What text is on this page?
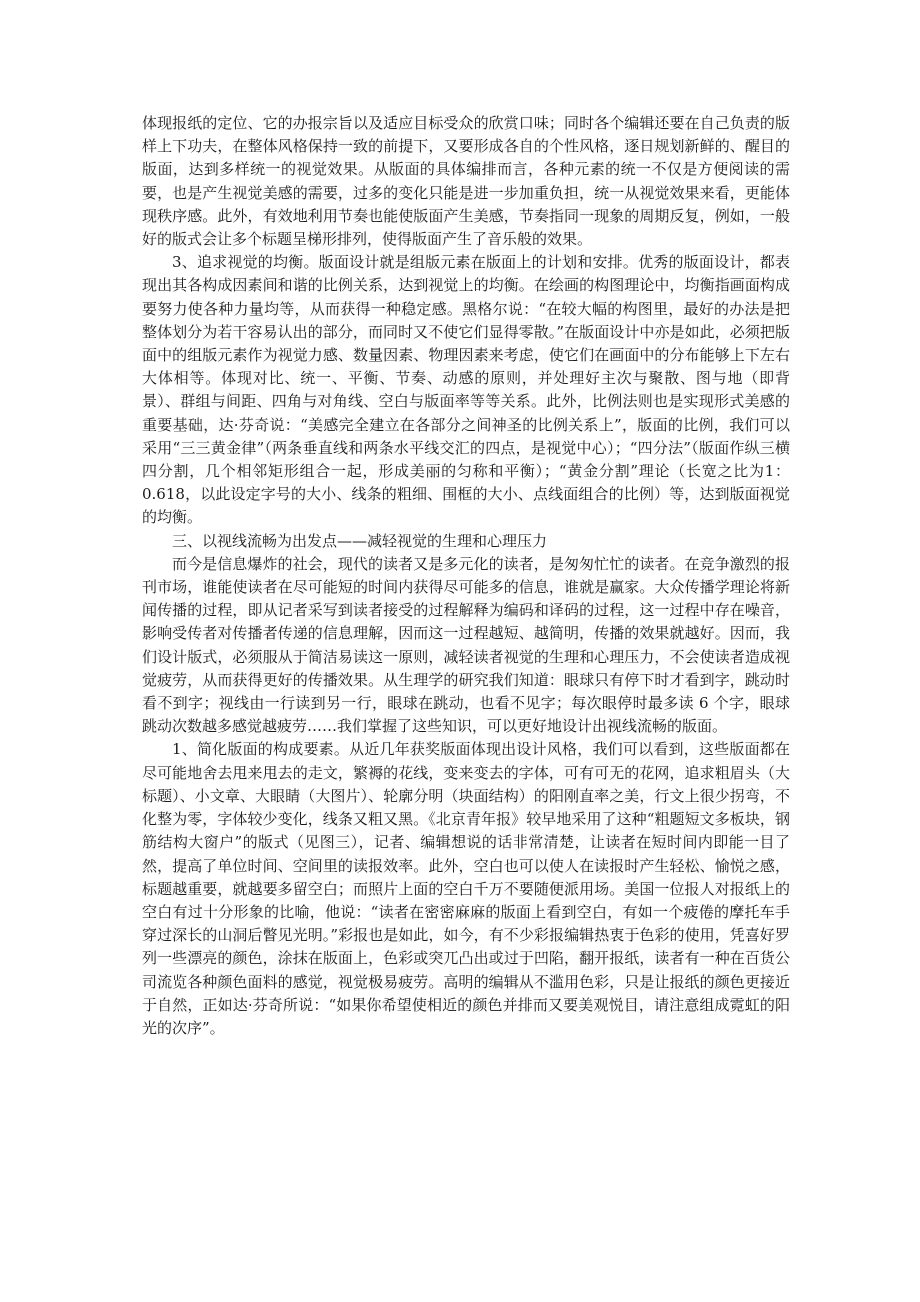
体现报纸的定位、它的办报宗旨以及适应目标受众的欣赏口味；同时各个编辑还要在自己负责的版样上下功夫，在整体风格保持一致的前提下，又要形成各自的个性风格，逐日规划新鲜的、醒目的版面，达到多样统一的视觉效果。从版面的具体编排而言，各种元素的统一不仅是方便阅读的需要，也是产生视觉美感的需要，过多的变化只能是进一步加重负担，统一从视觉效果来看，更能体现秩序感。此外，有效地利用节奏也能使版面产生美感，节奏指同一现象的周期反复，例如，一般好的版式会让多个标题呈梯形排列，使得版面产生了音乐般的效果。

3、追求视觉的均衡。版面设计就是组版元素在版面上的计划和安排。优秀的版面设计，都表现出其各构成因素间和谐的比例关系，达到视觉上的均衡。在绘画的构图理论中，均衡指画面构成要努力使各种力量均等，从而获得一种稳定感。黑格尔说：“在较大幅的构图里，最好的办法是把整体划分为若干容易认出的部分，而同时又不使它们显得零散。”在版面设计中亦是如此，必须把版面中的组版元素作为视觉力感、数量因素、物理因素来考虑，使它们在画面中的分布能够上下左右大体相等。体现对比、统一、平衡、节奏、动感的原则，并处理好主次与聚散、图与地（即背景）、群组与间距、四角与对角线、空白与版面率等等关系。此外，比例法则也是实现形式美感的重要基础，达·芬奇说：“美感完全建立在各部分之间神圣的比例关系上”，版面的比例，我们可以采用“三三黄金律”（两条垂直线和两条水平线交汇的四点，是视觉中心）；“四分法”（版面作纵三横四分割，几个相邻矩形组合一起，形成美丽的匀称和平衡）；“黄金分割”理论（长宽之比为1：0.618，以此设定字号的大小、线条的粗细、围框的大小、点线面组合的比例）等，达到版面视觉的均衡。

三、以视线流畅为出发点——减轻视觉的生理和心理压力

而今是信息爆炸的社会，现代的读者又是多元化的读者，是匆匆忙忙的读者。在竞争激烈的报刊市场，谁能使读者在尽可能短的时间内获得尽可能多的信息，谁就是赢家。大众传播学理论将新闻传播的过程，即从记者采写到读者接受的过程解释为编码和译码的过程，这一过程中存在噪音，影响受传者对传播者传递的信息理解，因而这一过程越短、越简明，传播的效果就越好。因而，我们设计版式，必须服从于简洁易读这一原则，减轻读者视觉的生理和心理压力，不会使读者造成视觉疲劳，从而获得更好的传播效果。从生理学的研究我们知道：眼球只有停下时才看到字，跳动时看不到字；视线由一行读到另一行，眼球在跳动，也看不见字；每次眼停时最多读 6 个字，眼球跳动次数越多感觉越疲劳……我们掌握了这些知识，可以更好地设计出视线流畅的版面。

1、简化版面的构成要素。从近几年获奖版面体现出设计风格，我们可以看到，这些版面都在尽可能地舍去甩来甩去的走文，繁褥的花线，变来变去的字体，可有可无的花网，追求粗眉头（大标题）、小文章、大眼睛（大图片）、轮廓分明（块面结构）的阳刚直率之美，行文上很少拐弯，不化整为零，字体较少变化，线条又粗又黑。《北京青年报》较早地采用了这种“粗题短文多板块，钢筋结构大窗户”的版式（见图三），记者、编辑想说的话非常清楚，让读者在短时间内即能一目了然，提高了单位时间、空间里的读报效率。此外，空白也可以使人在读报时产生轻松、愉悦之感，标题越重要，就越要多留空白；而照片上面的空白千万不要随便派用场。美国一位报人对报纸上的空白有过十分形象的比喻，他说：“读者在密密麻麻的版面上看到空白，有如一个疲倦的摩托车手穿过深长的山洞后瞥见光明。”彩报也是如此，如今，有不少彩报编辑热衷于色彩的使用，凭喜好罗列一些漂亮的颜色，涂抹在版面上，色彩或突兀凸出或过于凹陷，翻开报纸，读者有一种在百货公司流览各种颜色面料的感觉，视觉极易疲劳。高明的编辑从不滥用色彩，只是让报纸的颜色更接近于自然，正如达·芬奇所说：“如果你希望使相近的颜色并排而又要美观悦目，请注意组成霓虹的阳光的次序”。
